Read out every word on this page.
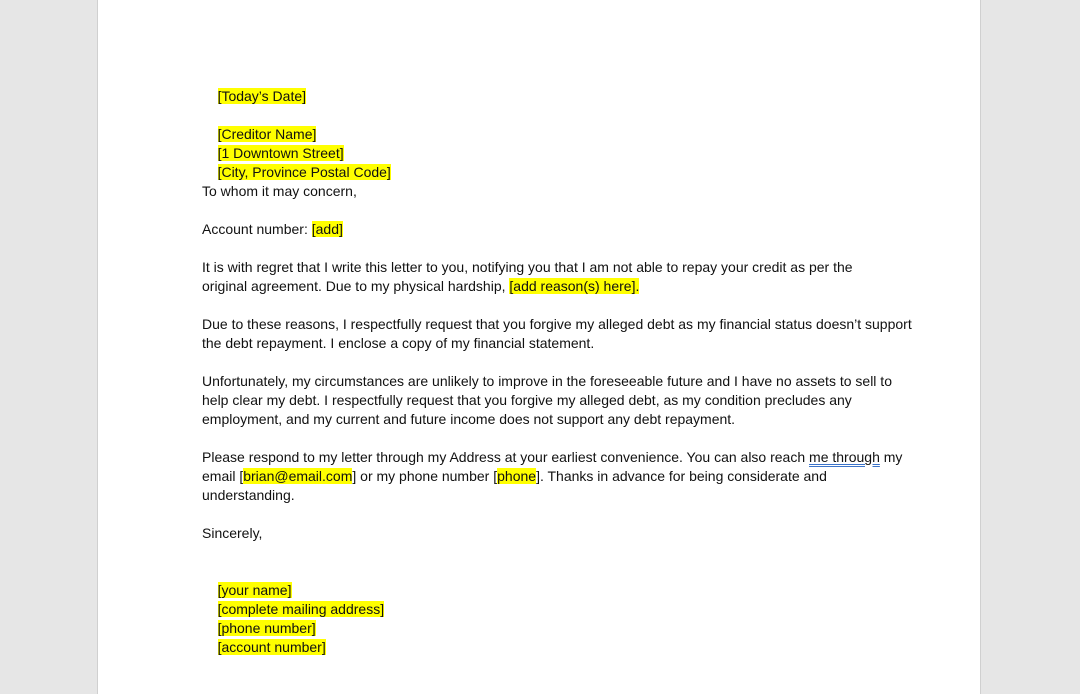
[Today’s Date]

[Creditor Name]

[1 Downtown Street]

[City, Province Postal Code]

To whom it may concern,
Account number: [add]
It is with regret that I write this letter to you, notifying you that I am not able to repay your credit as per the
original agreement. Due to my physical hardship, [add reason(s) here].
Due to these reasons, I respectfully request that you forgive my alleged debt as my financial status doesn’t support
the debt repayment. I enclose a copy of my financial statement.
Unfortunately, my circumstances are unlikely to improve in the foreseeable future and I have no assets to sell to
help clear my debt. I respectfully request that you forgive my alleged debt, as my condition precludes any
employment, and my current and future income does not support any debt repayment.
Please respond to my letter through my Address at your earliest convenience. You can also reach me through my
email [brian@email.com] or my phone number [phone]. Thanks in advance for being considerate and
understanding.
Sincerely,

[your name]

[complete mailing address]

[phone number]

[account number]
